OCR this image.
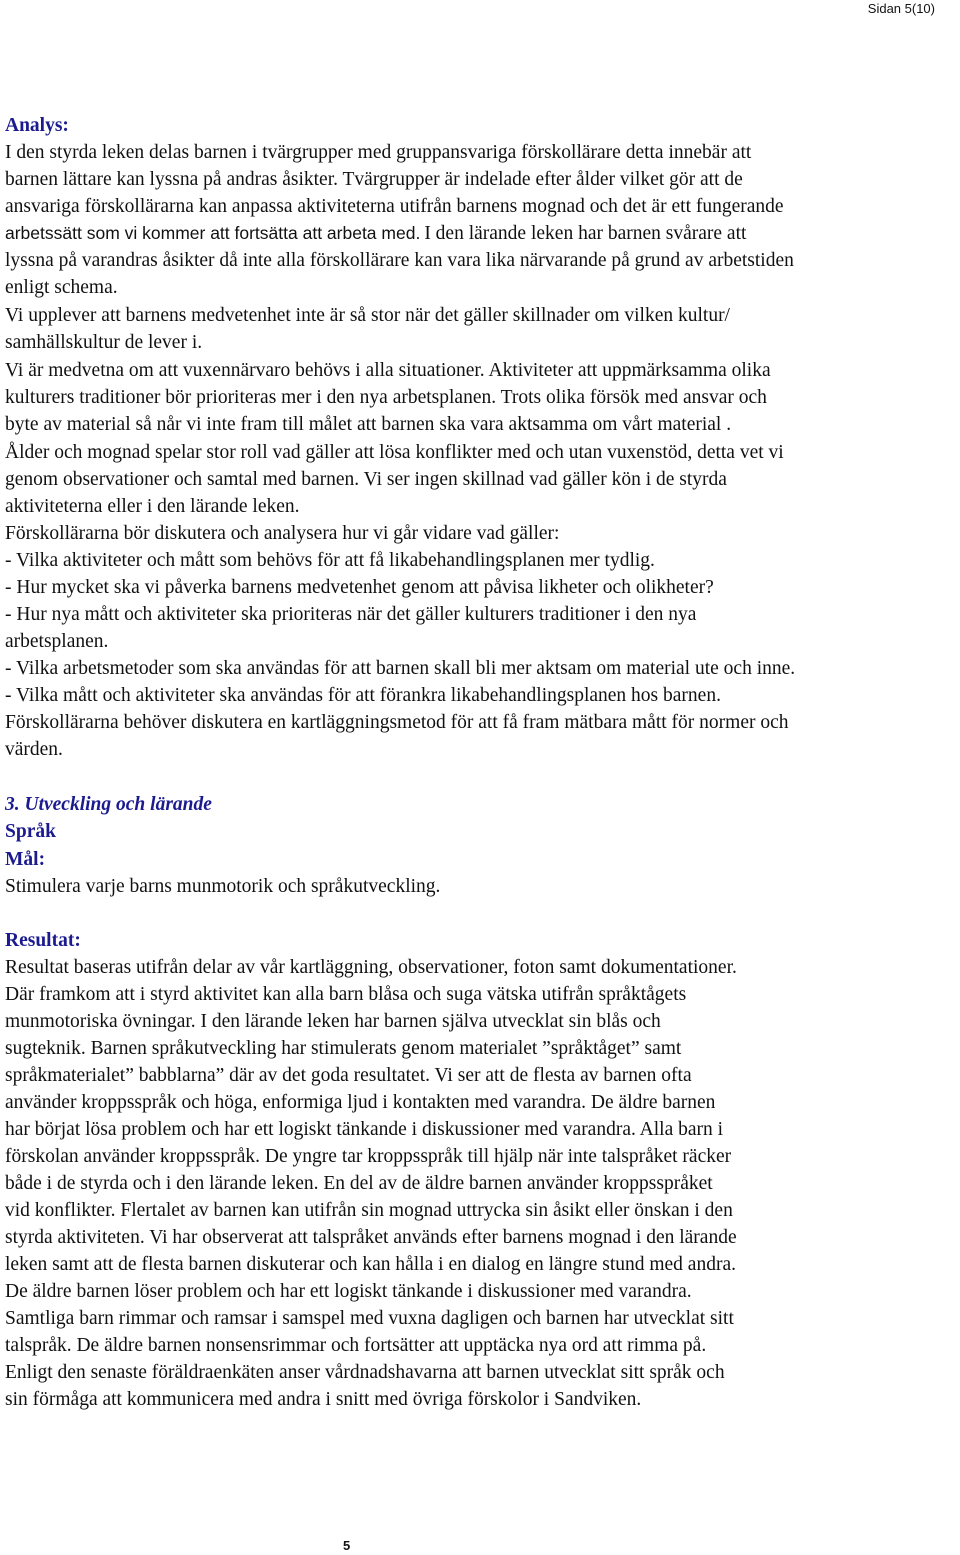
Sidan 5(10)
Analys:
I den styrda leken delas barnen i tvärgrupper med gruppansvariga förskollärare detta innebär att
barnen lättare kan lyssna på andras åsikter. Tvärgrupper är indelade efter ålder vilket gör att de
ansvariga förskollärarna kan anpassa aktiviteterna utifrån barnens mognad och det är ett fungerande
arbetssätt som vi kommer att fortsätta att arbeta med. I den lärande leken har barnen svårare att
lyssna på varandras åsikter då inte alla förskollärare kan vara lika närvarande på grund av arbetstiden
enligt schema.
Vi upplever att barnens medvetenhet inte är så stor när det gäller skillnader om vilken kultur/
samhällskultur de lever i.
Vi är medvetna om att vuxennärvaro behövs i alla situationer. Aktiviteter att uppmärksamma olika
kulturers traditioner bör prioriteras mer i den nya arbetsplanen. Trots olika försök med ansvar och
byte av material så når vi inte fram till målet att barnen ska vara aktsamma om vårt material .
Ålder och mognad spelar stor roll vad gäller att lösa konflikter med och utan vuxenstöd, detta vet vi
genom observationer och samtal med barnen. Vi ser ingen skillnad vad gäller kön i de styrda
aktiviteterna eller i den lärande leken.
Förskollärarna bör diskutera och analysera hur vi går vidare vad gäller:
- Vilka aktiviteter och mått som behövs för att få likabehandlingsplanen mer tydlig.
- Hur mycket ska vi påverka barnens medvetenhet genom att påvisa likheter och olikheter?
- Hur nya mått och aktiviteter ska prioriteras när det gäller kulturers traditioner i den nya
arbetsplanen.
- Vilka arbetsmetoder som ska användas för att barnen skall bli mer aktsam om material ute och inne.
- Vilka mått och aktiviteter ska användas för att förankra likabehandlingsplanen hos barnen.
Förskollärarna behöver diskutera en kartläggningsmetod för att få fram mätbara mått för normer och
värden.
3. Utveckling och lärande
Språk
Mål:
Stimulera varje barns munmotorik och språkutveckling.
Resultat:
Resultat baseras utifrån delar av vår kartläggning, observationer, foton samt dokumentationer.
Där framkom att i styrd aktivitet kan alla barn blåsa och suga vätska utifrån språktågets
munmotoriska övningar. I den lärande leken har barnen själva utvecklat sin blås och
sugteknik. Barnen språkutveckling har stimulerats genom materialet ”språktåget” samt
språkmaterialet” babblarna” där av det goda resultatet. Vi ser att de flesta av barnen ofta
använder kroppsspråk och höga, enformiga ljud i kontakten med varandra. De äldre barnen
har börjat lösa problem och har ett logiskt tänkande i diskussioner med varandra. Alla barn i
förskolan använder kroppsspråk. De yngre tar kroppsspråk till hjälp när inte talspråket räcker
både i de styrda och i den lärande leken. En del av de äldre barnen använder kroppsspråket
vid konflikter. Flertalet av barnen kan utifrån sin mognad uttrycka sin åsikt eller önskan i den
styrda aktiviteten. Vi har observerat att talspråket används efter barnens mognad i den lärande
leken samt att de flesta barnen diskuterar och kan hålla i en dialog en längre stund med andra.
De äldre barnen löser problem och har ett logiskt tänkande i diskussioner med varandra.
Samtliga barn rimmar och ramsar i samspel med vuxna dagligen och barnen har utvecklat sitt
talspråk. De äldre barnen nonsensrimmar och fortsätter att upptäcka nya ord att rimma på.
Enligt den senaste föräldraenkäten anser vårdnadshavarna att barnen utvecklat sitt språk och
sin förmåga att kommunicera med andra i snitt med övriga förskolor i Sandviken.
5
